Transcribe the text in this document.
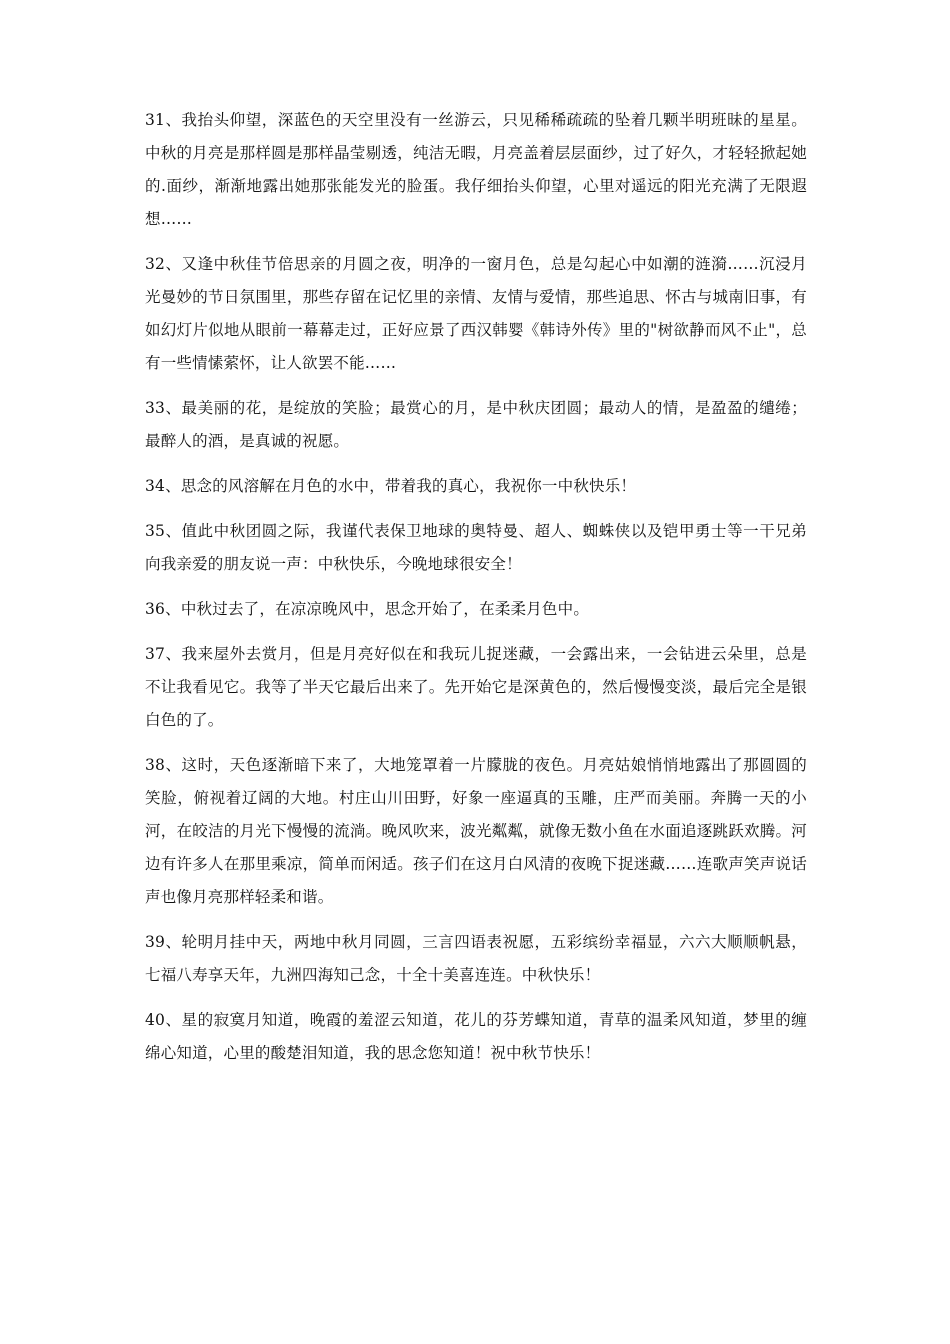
31、我抬头仰望，深蓝色的天空里没有一丝游云，只见稀稀疏疏的坠着几颗半明班昧的星星。中秋的月亮是那样圆是那样晶莹剔透，纯洁无暇，月亮盖着层层面纱，过了好久，才轻轻掀起她的.面纱，渐渐地露出她那张能发光的脸蛋。我仔细抬头仰望，心里对遥远的阳光充满了无限遐想……

32、又逢中秋佳节倍思亲的月圆之夜，明净的一窗月色，总是勾起心中如潮的涟漪……沉浸月光曼妙的节日氛围里，那些存留在记忆里的亲情、友情与爱情，那些追思、怀古与城南旧事，有如幻灯片似地从眼前一幕幕走过，正好应景了西汉韩婴《韩诗外传》里的"树欲静而风不止"，总有一些情愫萦怀，让人欲罢不能……

33、最美丽的花，是绽放的笑脸；最赏心的月，是中秋庆团圆；最动人的情，是盈盈的缱绻；最醉人的酒，是真诚的祝愿。

34、思念的风溶解在月色的水中，带着我的真心，我祝你一中秋快乐！

35、值此中秋团圆之际，我谨代表保卫地球的奥特曼、超人、蜘蛛侠以及铠甲勇士等一干兄弟向我亲爱的朋友说一声：中秋快乐，今晚地球很安全！

36、中秋过去了，在凉凉晚风中，思念开始了，在柔柔月色中。

37、我来屋外去赏月，但是月亮好似在和我玩儿捉迷藏，一会露出来，一会钻进云朵里，总是不让我看见它。我等了半天它最后出来了。先开始它是深黄色的，然后慢慢变淡，最后完全是银白色的了。

38、这时，天色逐渐暗下来了，大地笼罩着一片朦胧的夜色。月亮姑娘悄悄地露出了那圆圆的笑脸，俯视着辽阔的大地。村庄山川田野，好象一座逼真的玉雕，庄严而美丽。奔腾一天的小河，在皎洁的月光下慢慢的流淌。晚风吹来，波光粼粼，就像无数小鱼在水面追逐跳跃欢腾。河边有许多人在那里乘凉，简单而闲适。孩子们在这月白风清的夜晚下捉迷藏……连歌声笑声说话声也像月亮那样轻柔和谐。

39、轮明月挂中天，两地中秋月同圆，三言四语表祝愿，五彩缤纷幸福显，六六大顺顺帆悬，七福八寿享天年，九洲四海知己念，十全十美喜连连。中秋快乐！

40、星的寂寞月知道，晚霞的羞涩云知道，花儿的芬芳蝶知道，青草的温柔风知道，梦里的缠绵心知道，心里的酸楚泪知道，我的思念您知道！祝中秋节快乐！
